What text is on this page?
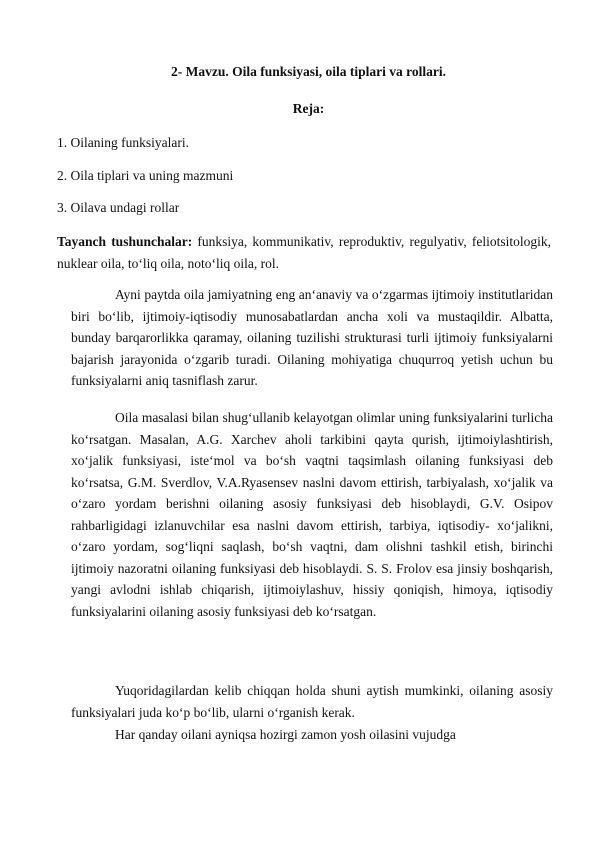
2- Mavzu. Oila funksiyasi, oila tiplari va rollari.
Reja:
1. Oilaning funksiyalari.
2. Oila tiplari va uning mazmuni
3. Oilava undagi rollar
Tayanch tushunchalar: funksiya, kommunikativ, reproduktiv, regulyativ, feliotsitologik, nuklear oila, to‘liq oila, noto‘liq oila, rol.
Ayni paytda oila jamiyatning eng an‘anaviy va o‘zgarmas ijtimoiy institutlaridan biri bo‘lib, ijtimoiy-iqtisodiy munosabatlardan ancha xoli va mustaqildir. Albatta, bunday barqarorlikka qaramay, oilaning tuzilishi strukturasi turli ijtimoiy funksiyalarni bajarish jarayonida o‘zgarib turadi. Oilaning mohiyatiga chuqurroq yetish uchun bu funksiyalarni aniq tasniflash zarur.
Oila masalasi bilan shug‘ullanib kelayotgan olimlar uning funksiyalarini turlicha ko‘rsatgan. Masalan, A.G. Xarchev aholi tarkibini qayta qurish, ijtimoiylashtirish, xo‘jalik funksiyasi, iste‘mol va bo‘sh vaqtni taqsimlash oilaning funksiyasi deb ko‘rsatsa, G.M. Sverdlov, V.A.Ryasensev naslni davom ettirish, tarbiyalash, xo‘jalik va o‘zaro yordam berishni oilaning asosiy funksiyasi deb hisoblaydi, G.V. Osipov rahbarligidagi izlanuvchilar esa naslni davom ettirish, tarbiya, iqtisodiy- xo‘jalikni, o‘zaro yordam, sog‘liqni saqlash, bo‘sh vaqtni, dam olishni tashkil etish, birinchi ijtimoiy nazoratni oilaning funksiyasi deb hisoblaydi. S. S. Frolov esa jinsiy boshqarish, yangi avlodni ishlab chiqarish, ijtimoiylashuv, hissiy qoniqish, himoya, iqtisodiy funksiyalarini oilaning asosiy funksiyasi deb ko‘rsatgan.
Yuqoridagilardan kelib chiqqan holda shuni aytish mumkinki, oilaning asosiy funksiyalari juda ko‘p bo‘lib, ularni o‘rganish kerak.
Har qanday oilani ayniqsa hozirgi zamon yosh oilasini vujudga
